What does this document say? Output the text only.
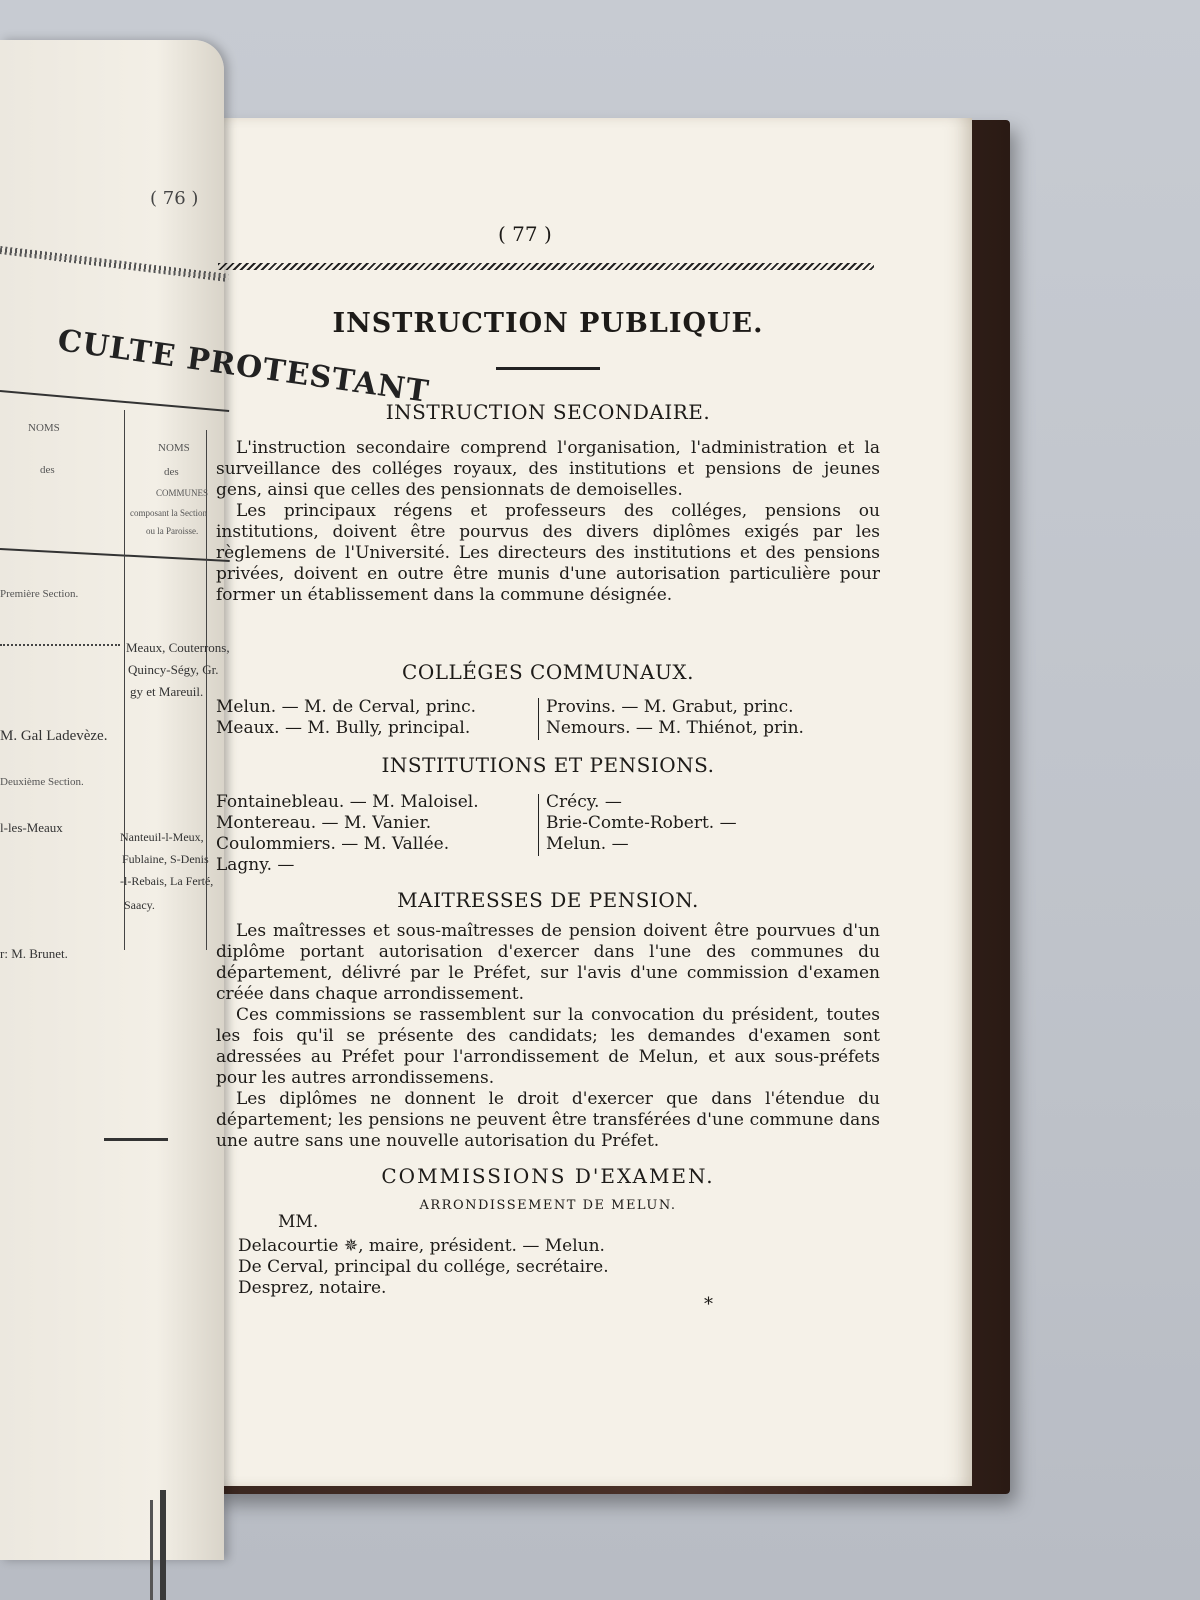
( 76 )
CULTE PROTESTANT
NOMS
des
NOMS
des
COMMUNES
composant la Section
ou la Paroisse.
Première Section.
Meaux, Couterrons,
Quincy-Ségy, Gr.
gy et Mareuil.
M. Gal Ladevèze.
Deuxième Section.
l-les-Meaux
Nanteuil-l-Meux,
Fublaine, S-Denis
-l-Rebais, La Ferté,
Saacy.
r: M. Brunet.
( 77 )
INSTRUCTION PUBLIQUE.
INSTRUCTION SECONDAIRE.

L'instruction secondaire comprend l'organisation, l'administration et la surveillance des colléges royaux, des institutions et pensions de jeunes gens, ainsi que celles des pensionnats de demoiselles.

Les principaux régens et professeurs des colléges, pensions ou institutions, doivent être pourvus des divers diplômes exigés par les règlemens de l'Université. Les directeurs des institutions et des pensions privées, doivent en outre être munis d'une autorisation particulière pour former un établissement dans la commune désignée.

COLLÉGES COMMUNAUX.
Melun. — M. de Cerval, princ.
Meaux. — M. Bully, principal.
Provins. — M. Grabut, princ.
Nemours. — M. Thiénot, prin.
INSTITUTIONS ET PENSIONS.
Fontainebleau. — M. Maloisel.
Montereau. — M. Vanier.
Coulommiers. — M. Vallée.
Lagny. —
Crécy. —
Brie-Comte-Robert. —
Melun. —
MAITRESSES DE PENSION.

Les maîtresses et sous-maîtresses de pension doivent être pourvues d'un diplôme portant autorisation d'exercer dans l'une des communes du département, délivré par le Préfet, sur l'avis d'une commission d'examen créée dans chaque arrondissement.

Ces commissions se rassemblent sur la convocation du président, toutes les fois qu'il se présente des candidats; les demandes d'examen sont adressées au Préfet pour l'arrondissement de Melun, et aux sous-préfets pour les autres arrondissemens.

Les diplômes ne donnent le droit d'exercer que dans l'étendue du département; les pensions ne peuvent être transférées d'une commune dans une autre sans une nouvelle autorisation du Préfet.

COMMISSIONS D'EXAMEN.
ARRONDISSEMENT DE MELUN.
MM.
Delacourtie ✵, maire, président. — Melun.
De Cerval, principal du collége, secrétaire.
Desprez, notaire.
*
